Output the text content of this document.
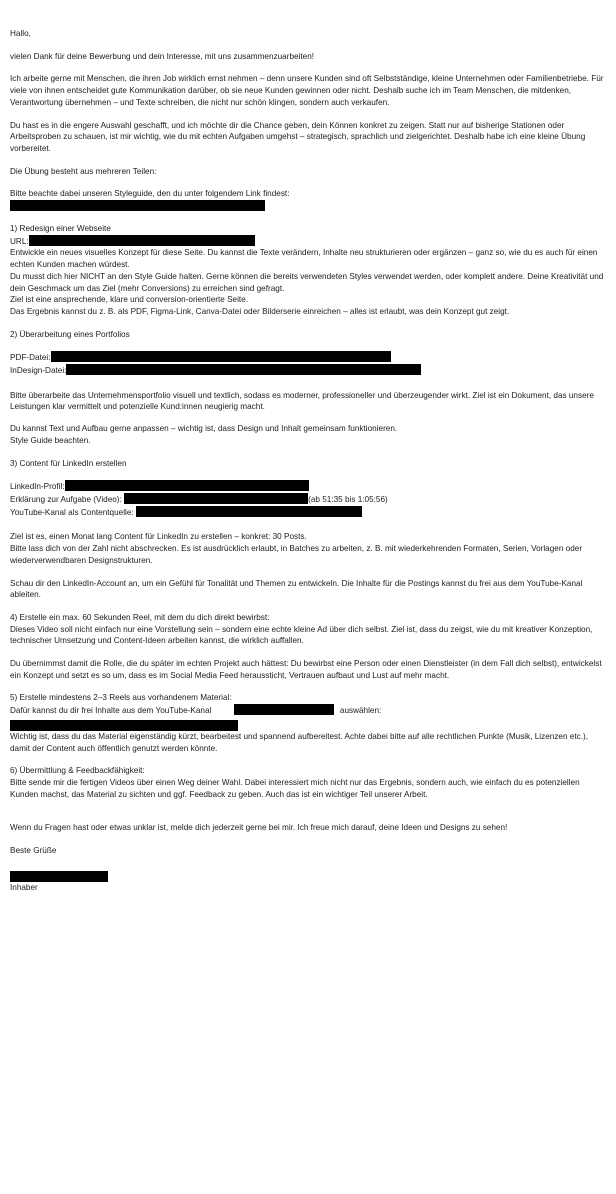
Hallo,

vielen Dank für deine Bewerbung und dein Interesse, mit uns zusammenzuarbeiten!

Ich arbeite gerne mit Menschen, die ihren Job wirklich ernst nehmen – denn unsere Kunden sind oft Selbstständige, kleine Unternehmen oder Familienbetriebe. Für viele von ihnen entscheidet gute Kommunikation darüber, ob sie neue Kunden gewinnen oder nicht. Deshalb suche ich im Team Menschen, die mitdenken, Verantwortung übernehmen – und Texte schreiben, die nicht nur schön klingen, sondern auch verkaufen.

Du hast es in die engere Auswahl geschafft, und ich möchte dir die Chance geben, dein Können konkret zu zeigen. Statt nur auf bisherige Stationen oder Arbeitsproben zu schauen, ist mir wichtig, wie du mit echten Aufgaben umgehst – strategisch, sprachlich und zielgerichtet. Deshalb habe ich eine kleine Übung vorbereitet.

Die Übung besteht aus mehreren Teilen:

Bitte beachte dabei unseren Styleguide, den du unter folgendem Link findest:

1) Redesign einer Webseite

URL:

Entwickle ein neues visuelles Konzept für diese Seite. Du kannst die Texte verändern, Inhalte neu strukturieren oder ergänzen – ganz so, wie du es auch für einen echten Kunden machen würdest.

Du musst dich hier NICHT an den Style Guide halten. Gerne können die bereits verwendeten Styles verwendet werden, oder komplett andere. Deine Kreativität und dein Geschmack um das Ziel (mehr Conversions) zu erreichen sind gefragt.

Ziel ist eine ansprechende, klare und conversion-orientierte Seite.

Das Ergebnis kannst du z. B. als PDF, Figma-Link, Canva-Datei oder Bilderserie einreichen – alles ist erlaubt, was dein Konzept gut zeigt.

2) Überarbeitung eines Portfolios

PDF-Datei:

InDesign-Datei:

Bitte überarbeite das Unternehmensportfolio visuell und textlich, sodass es moderner, professioneller und überzeugender wirkt. Ziel ist ein Dokument, das unsere Leistungen klar vermittelt und potenzielle Kund:innen neugierig macht.

Du kannst Text und Aufbau gerne anpassen – wichtig ist, dass Design und Inhalt gemeinsam funktionieren.

Style Guide beachten.

3) Content für LinkedIn erstellen

LinkedIn-Profil:

Erklärung zur Aufgabe (Video):	(ab 51:35 bis 1:05:56)

YouTube-Kanal als Contentquelle:

Ziel ist es, einen Monat lang Content für LinkedIn zu erstellen – konkret: 30 Posts.

Bitte lass dich von der Zahl nicht abschrecken. Es ist ausdrücklich erlaubt, in Batches zu arbeiten, z. B. mit wiederkehrenden Formaten, Serien, Vorlagen oder wiederverwendbaren Designstrukturen.

Schau dir den LinkedIn-Account an, um ein Gefühl für Tonalität und Themen zu entwickeln. Die Inhalte für die Postings kannst du frei aus dem YouTube-Kanal ableiten.

4) Erstelle ein max. 60 Sekunden Reel, mit dem du dich direkt bewirbst:

Dieses Video soll nicht einfach nur eine Vorstellung sein – sondern eine echte kleine Ad über dich selbst. Ziel ist, dass du zeigst, wie du mit kreativer Konzeption, technischer Umsetzung und Content-Ideen arbeiten kannst, die wirklich auffallen.

Du übernimmst damit die Rolle, die du später im echten Projekt auch hättest: Du bewirbst eine Person oder einen Dienstleister (in dem Fall dich selbst), entwickelst ein Konzept und setzt es so um, dass es im Social Media Feed heraussticht, Vertrauen aufbaut und Lust auf mehr macht.

5) Erstelle mindestens 2–3 Reels aus vorhandenem Material:

Dafür kannst du dir frei Inhalte aus dem YouTube-Kanal	auswählen:

Wichtig ist, dass du das Material eigenständig kürzt, bearbeitest und spannend aufbereitest. Achte dabei bitte auf alle rechtlichen Punkte (Musik, Lizenzen etc.), damit der Content auch öffentlich genutzt werden könnte.

6) Übermittlung & Feedbackfähigkeit:

Bitte sende mir die fertigen Videos über einen Weg deiner Wahl. Dabei interessiert mich nicht nur das Ergebnis, sondern auch, wie einfach du es potenziellen Kunden machst, das Material zu sichten und ggf. Feedback zu geben. Auch das ist ein wichtiger Teil unserer Arbeit.

Wenn du Fragen hast oder etwas unklar ist, melde dich jederzeit gerne bei mir. Ich freue mich darauf, deine Ideen und Designs zu sehen!

Beste Grüße

Inhaber
